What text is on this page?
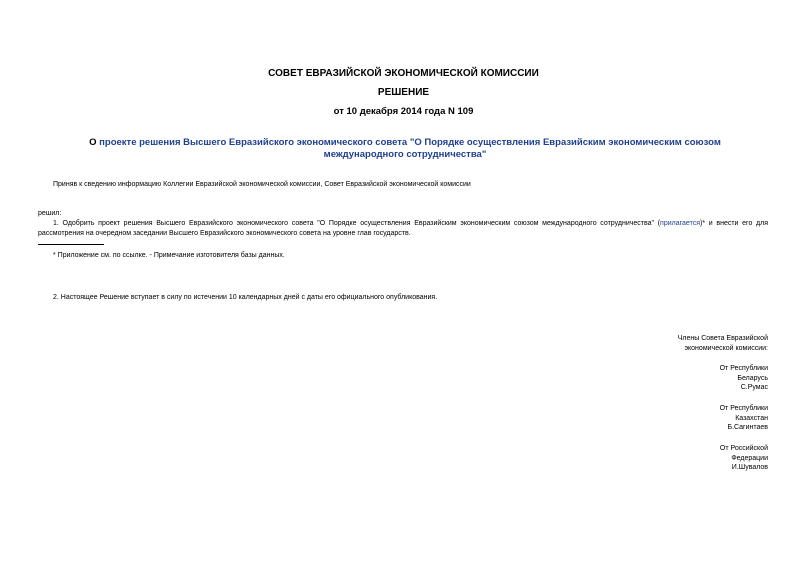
СОВЕТ ЕВРАЗИЙСКОЙ ЭКОНОМИЧЕСКОЙ КОМИССИИ
РЕШЕНИЕ
от 10 декабря 2014 года N 109
О проекте решения Высшего Евразийского экономического совета "О Порядке осуществления Евразийским экономическим союзом международного сотрудничества"
Приняв к сведению информацию Коллегии Евразийской экономической комиссии, Совет Евразийской экономической комиссии
решил:
1. Одобрить проект решения Высшего Евразийского экономического совета "О Порядке осуществления Евразийским экономическим союзом международного сотрудничества" (прилагается)* и внести его для рассмотрения на очередном заседании Высшего Евразийского экономического совета на уровне глав государств.
* Приложение см. по ссылке. - Примечание изготовителя базы данных.
2. Настоящее Решение вступает в силу по истечении 10 календарных дней с даты его официального опубликования.
Члены Совета Евразийской
экономической комиссии:
От Республики
Беларусь
С.Румас
От Республики
Казахстан
Б.Сагинтаев
От Российской
Федерации
И.Шувалов
